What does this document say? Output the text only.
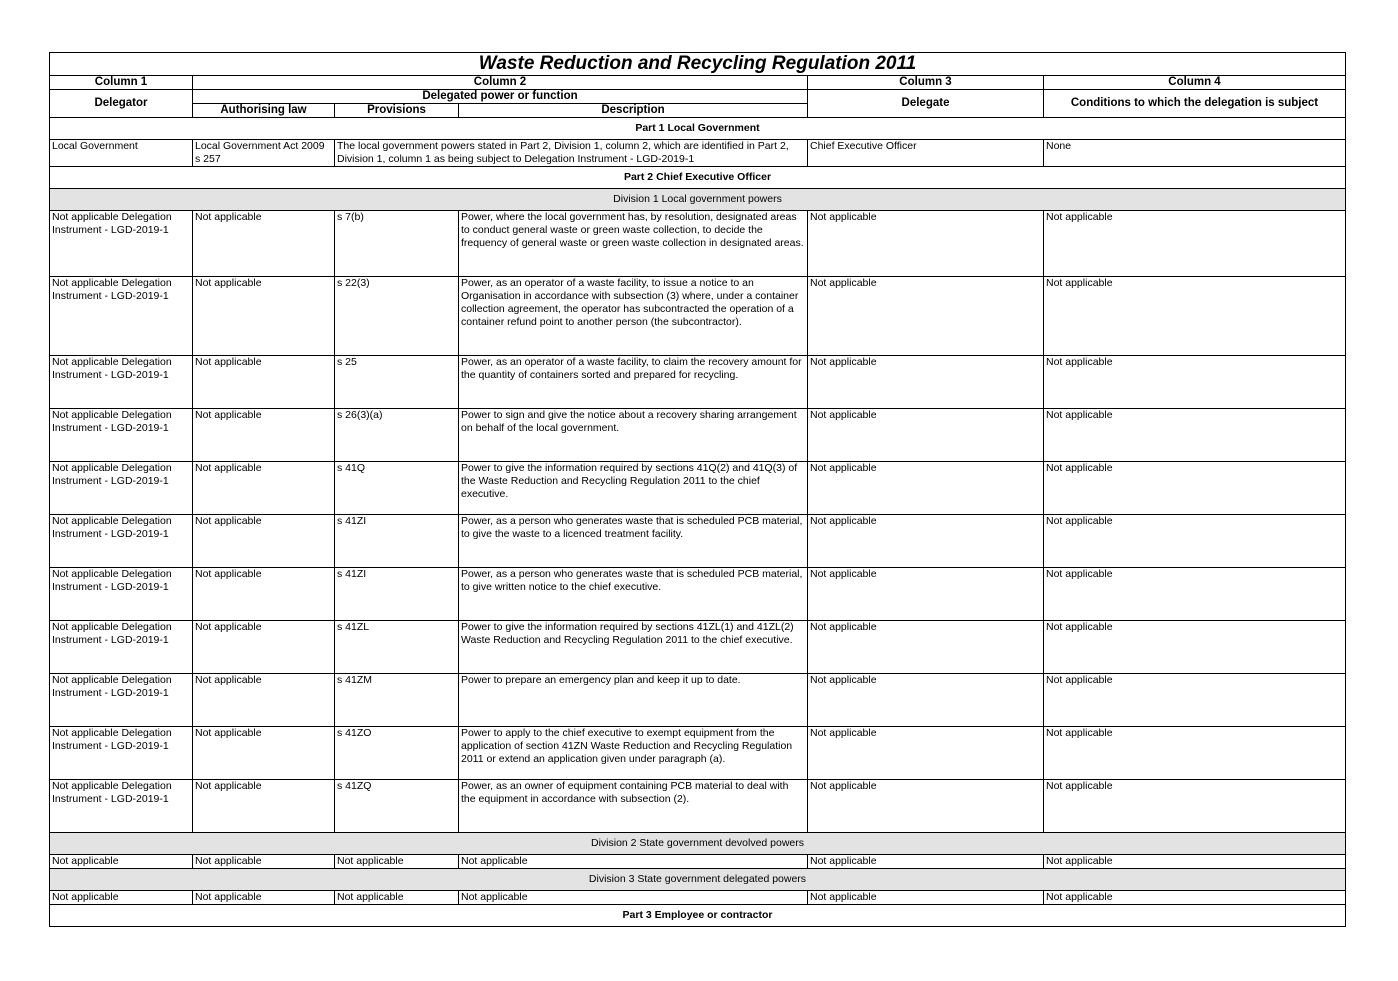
Waste Reduction and Recycling Regulation 2011					
Column 1	Column 2			Column 3	Column 4
Delegator	Delegated power or function			Delegate	Conditions to which the delegation is subject
	Authorising law	Provisions	Description		
Part 1 Local Government					
Local Government	Local Government Act 2009 s 257	The local government powers stated in Part 2, Division 1, column 2, which are identified in Part 2, Division 1, column 1 as being subject to Delegation Instrument - LGD-2019-1		Chief Executive Officer	None
Part 2 Chief Executive Officer					
Division 1 Local government powers					
Not applicable Delegation Instrument - LGD-2019-1	Not applicable	s 7(b)	Power, where the local government has, by resolution, designated areas to conduct general waste or green waste collection, to decide the frequency of general waste or green waste collection in designated areas.	Not applicable	Not applicable
Not applicable Delegation Instrument - LGD-2019-1	Not applicable	s 22(3)	Power, as an operator of a waste facility, to issue a notice to an Organisation in accordance with subsection (3) where, under a container collection agreement, the operator has subcontracted the operation of a container refund point to another person (the subcontractor).	Not applicable	Not applicable
Not applicable Delegation Instrument - LGD-2019-1	Not applicable	s 25	Power, as an operator of a waste facility, to claim the recovery amount for the quantity of containers sorted and prepared for recycling.	Not applicable	Not applicable
Not applicable Delegation Instrument - LGD-2019-1	Not applicable	s 26(3)(a)	Power to sign and give the notice about a recovery sharing arrangement on behalf of the local government.	Not applicable	Not applicable
Not applicable Delegation Instrument - LGD-2019-1	Not applicable	s 41Q	Power to give the information required by sections 41Q(2) and 41Q(3) of the Waste Reduction and Recycling Regulation 2011 to the chief executive.	Not applicable	Not applicable
Not applicable Delegation Instrument - LGD-2019-1	Not applicable	s 41ZI	Power, as a person who generates waste that is scheduled PCB material, to give the waste to a licenced treatment facility.	Not applicable	Not applicable
Not applicable Delegation Instrument - LGD-2019-1	Not applicable	s 41ZI	Power, as a person who generates waste that is scheduled PCB material, to give written notice to the chief executive.	Not applicable	Not applicable
Not applicable Delegation Instrument - LGD-2019-1	Not applicable	s 41ZL	Power to give the information required by sections 41ZL(1) and 41ZL(2) Waste Reduction and Recycling Regulation 2011 to the chief executive.	Not applicable	Not applicable
Not applicable Delegation Instrument - LGD-2019-1	Not applicable	s 41ZM	Power to prepare an emergency plan and keep it up to date.	Not applicable	Not applicable
Not applicable Delegation Instrument - LGD-2019-1	Not applicable	s 41ZO	Power to apply to the chief executive to exempt equipment from the application of section 41ZN Waste Reduction and Recycling Regulation 2011 or extend an application given under paragraph (a).	Not applicable	Not applicable
Not applicable Delegation Instrument - LGD-2019-1	Not applicable	s 41ZQ	Power, as an owner of equipment containing PCB material to deal with the equipment in accordance with subsection (2).	Not applicable	Not applicable
Division 2 State government devolved powers					
Not applicable	Not applicable	Not applicable	Not applicable	Not applicable	Not applicable
Division 3 State government delegated powers					
Not applicable	Not applicable	Not applicable	Not applicable	Not applicable	Not applicable
Part 3 Employee or contractor					
